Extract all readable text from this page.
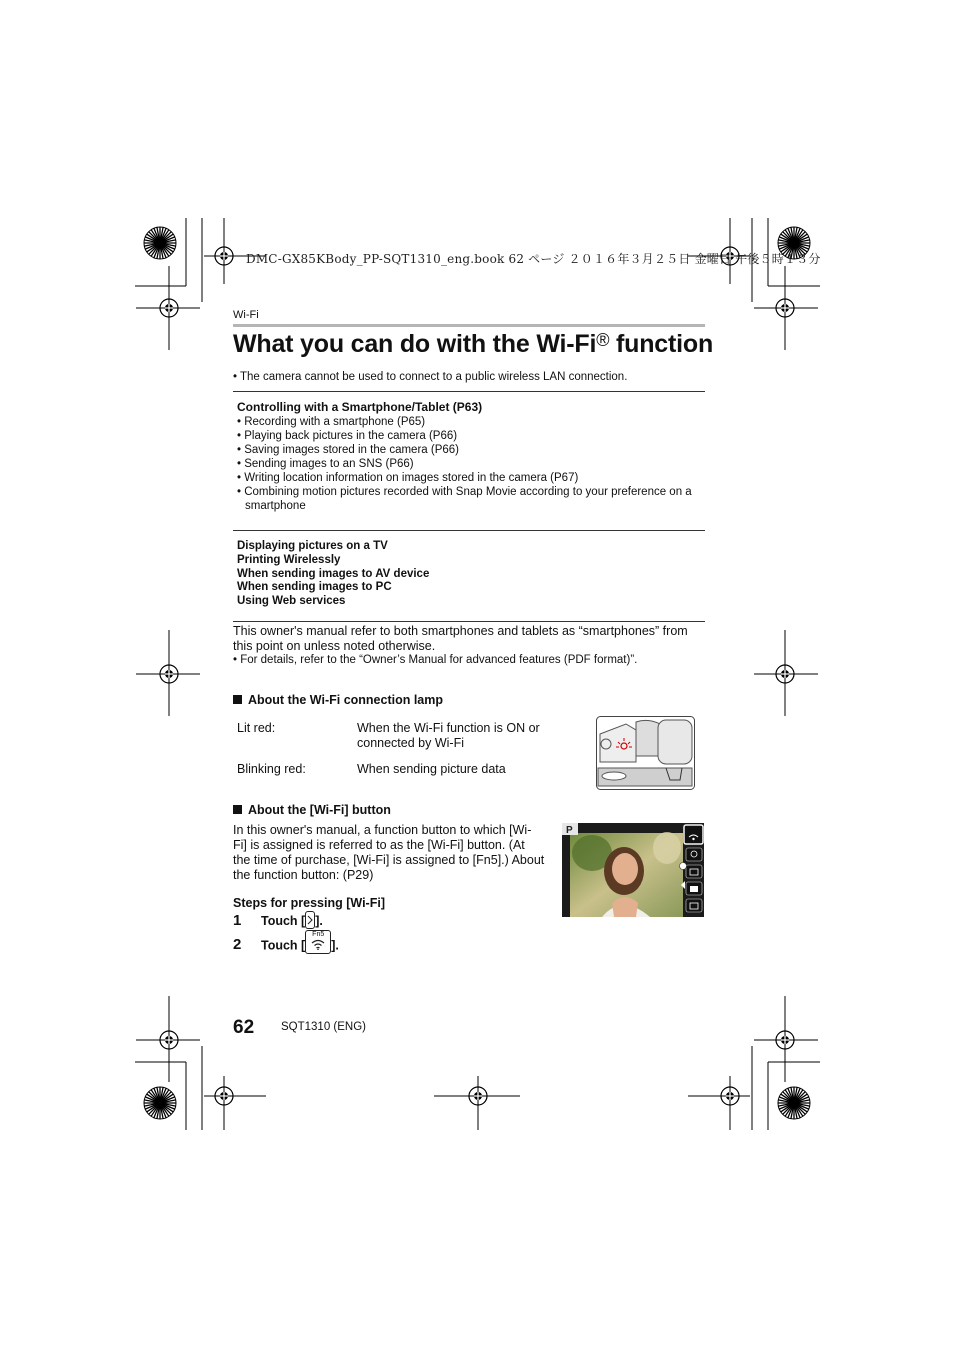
DMC-GX85KBody_PP-SQT1310_eng.book 62 ページ ２０１６年３月２５日 金曜日 午後５時１３分
Wi-Fi
What you can do with the Wi-Fi® function
• The camera cannot be used to connect to a public wireless LAN connection.
Controlling with a Smartphone/Tablet (P63)
• Recording with a smartphone (P65)
• Playing back pictures in the camera (P66)
• Saving images stored in the camera (P66)
• Sending images to an SNS (P66)
• Writing location information on images stored in the camera (P67)
• Combining motion pictures recorded with Snap Movie according to your preference on a smartphone
Displaying pictures on a TV
Printing Wirelessly
When sending images to AV device
When sending images to PC
Using Web services
This owner's manual refer to both smartphones and tablets as “smartphones” from this point on unless noted otherwise.
• For details, refer to the “Owner’s Manual for advanced features (PDF format)”.
About the Wi-Fi connection lamp
Lit red:	When the Wi-Fi function is ON or connected by Wi-Fi
Blinking red:	When sending picture data
About the [Wi-Fi] button
In this owner's manual, a function button to which [Wi-Fi] is assigned is referred to as the [Wi-Fi] button. (At the time of purchase, [Wi-Fi] is assigned to [Fn5].) About the function button: (P29)
P
Steps for pressing [Wi-Fi]
1 Touch [ ].
2 Touch [
Fn5
].
62 SQT1310 (ENG)
